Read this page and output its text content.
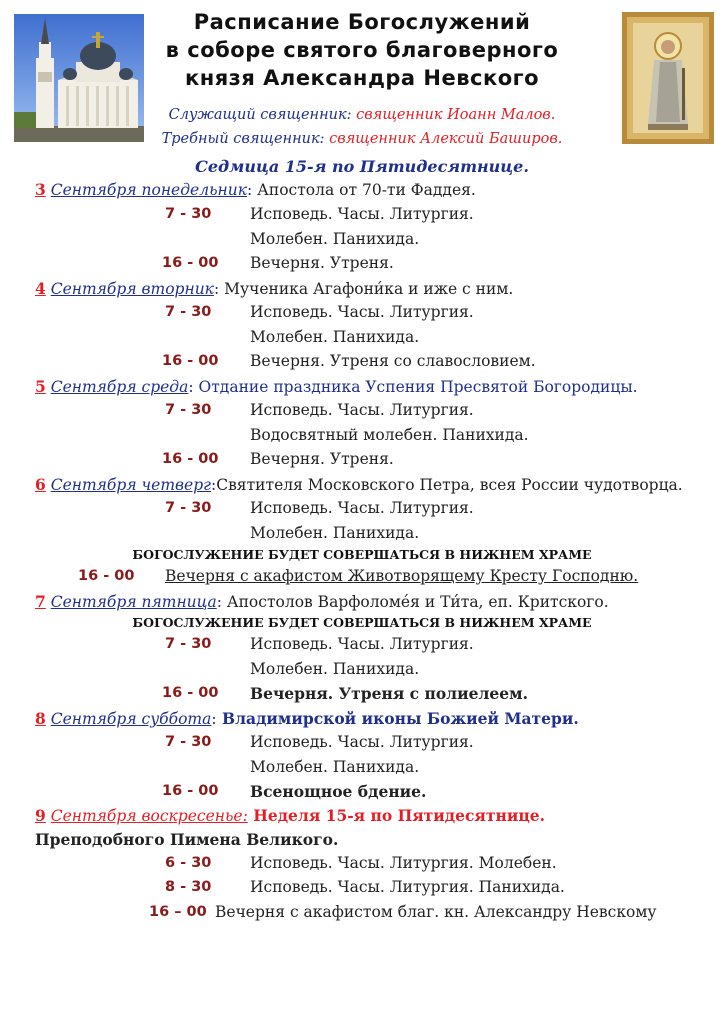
Расписание Богослужений
в соборе святого благоверного
князя Александра Невского
Служащий священник: священник Иоанн Малов.
Требный священник: священник Алексий Баширов.
Седмица 15-я по Пятидесятнице.
3 Сентября понедельник: Апостола от 70-ти Фаддея.
7 - 30 Исповедь. Часы. Литургия.
Молебен. Панихида.
16 - 00 Вечерня. Утреня.
4 Сентября вторник: Мученика Агафони́ка и иже с ним.
7 - 30 Исповедь. Часы. Литургия.
Молебен. Панихида.
16 - 00 Вечерня. Утреня со славословием.
5 Сентября среда: Отдание праздника Успения Пресвятой Богородицы.
7 - 30 Исповедь. Часы. Литургия.
Водосвятный молебен. Панихида.
16 - 00 Вечерня. Утреня.
6 Сентября четверг:Святителя Московского Петра, всея России чудотворца.
7 - 30 Исповедь. Часы. Литургия.
Молебен. Панихида.
БОГОСЛУЖЕНИЕ БУДЕТ СОВЕРШАТЬСЯ В НИЖНЕМ ХРАМЕ
16 - 00 Вечерня с акафистом Животворящему Кресту Господню.
7 Сентября пятница: Апостолов Варфоломе́я и Ти́та, еп. Критского.
БОГОСЛУЖЕНИЕ БУДЕТ СОВЕРШАТЬСЯ В НИЖНЕМ ХРАМЕ
7 - 30 Исповедь. Часы. Литургия.
Молебен. Панихида.
16 - 00 Вечерня. Утреня с полиелеем.
8 Сентября суббота: Владимирской иконы Божией Матери.
7 - 30 Исповедь. Часы. Литургия.
Молебен. Панихида.
16 - 00 Всенощное бдение.
9 Сентября воскресенье: Неделя 15-я по Пятидесятнице.
Преподобного Пимена Великого.
6 - 30 Исповедь. Часы. Литургия. Молебен.
8 - 30 Исповедь. Часы. Литургия. Панихида.
16 – 00 Вечерня с акафистом благ. кн. Александру Невскому
